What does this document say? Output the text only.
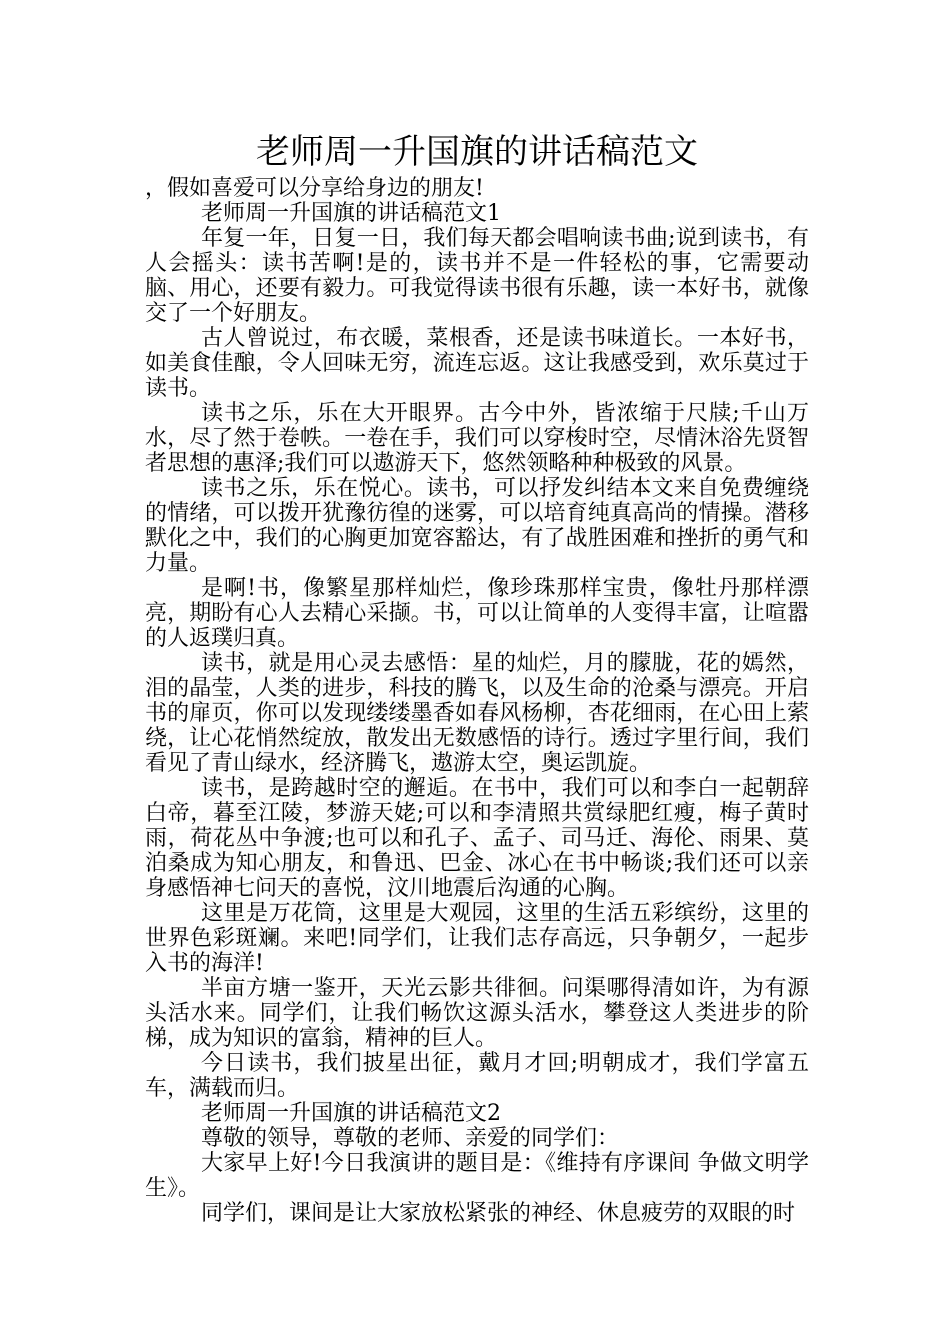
老师周一升国旗的讲话稿范文

，假如喜爱可以分享给身边的朋友!

老师周一升国旗的讲话稿范文1

年复一年，日复一日，我们每天都会唱响读书曲;说到读书，有人会摇头：读书苦啊!是的，读书并不是一件轻松的事，它需要动脑、用心，还要有毅力。可我觉得读书很有乐趣，读一本好书，就像交了一个好朋友。

古人曾说过，布衣暖，菜根香，还是读书味道长。一本好书，如美食佳酿，令人回味无穷，流连忘返。这让我感受到，欢乐莫过于读书。

读书之乐，乐在大开眼界。古今中外，皆浓缩于尺牍;千山万水，尽了然于卷帙。一卷在手，我们可以穿梭时空，尽情沐浴先贤智者思想的惠泽;我们可以遨游天下，悠然领略种种极致的风景。

读书之乐，乐在悦心。读书，可以抒发纠结本文来自免费缠绕的情绪，可以拨开犹豫彷徨的迷雾，可以培育纯真高尚的情操。潜移默化之中，我们的心胸更加宽容豁达，有了战胜困难和挫折的勇气和力量。

是啊!书，像繁星那样灿烂，像珍珠那样宝贵，像牡丹那样漂亮，期盼有心人去精心采撷。书，可以让简单的人变得丰富，让喧嚣的人返璞归真。

读书，就是用心灵去感悟：星的灿烂，月的朦胧，花的嫣然，泪的晶莹，人类的进步，科技的腾飞，以及生命的沧桑与漂亮。开启书的扉页，你可以发现缕缕墨香如春风杨柳，杏花细雨，在心田上萦绕，让心花悄然绽放，散发出无数感悟的诗行。透过字里行间，我们看见了青山绿水，经济腾飞，遨游太空，奥运凯旋。

读书，是跨越时空的邂逅。在书中，我们可以和李白一起朝辞白帝，暮至江陵，梦游天姥;可以和李清照共赏绿肥红瘦，梅子黄时雨，荷花丛中争渡;也可以和孔子、孟子、司马迁、海伦、雨果、莫泊桑成为知心朋友，和鲁迅、巴金、冰心在书中畅谈;我们还可以亲身感悟神七问天的喜悦，汶川地震后沟通的心胸。

这里是万花筒，这里是大观园，这里的生活五彩缤纷，这里的世界色彩斑斓。来吧!同学们，让我们志存高远，只争朝夕，一起步入书的海洋!

半亩方塘一鉴开，天光云影共徘徊。问渠哪得清如许，为有源头活水来。同学们，让我们畅饮这源头活水，攀登这人类进步的阶梯，成为知识的富翁，精神的巨人。

今日读书，我们披星出征，戴月才回;明朝成才，我们学富五车，满载而归。

老师周一升国旗的讲话稿范文2

尊敬的领导，尊敬的老师、亲爱的同学们：

大家早上好!今日我演讲的题目是：《维持有序课间 争做文明学生》。

同学们，课间是让大家放松紧张的神经、休息疲劳的双眼的时
